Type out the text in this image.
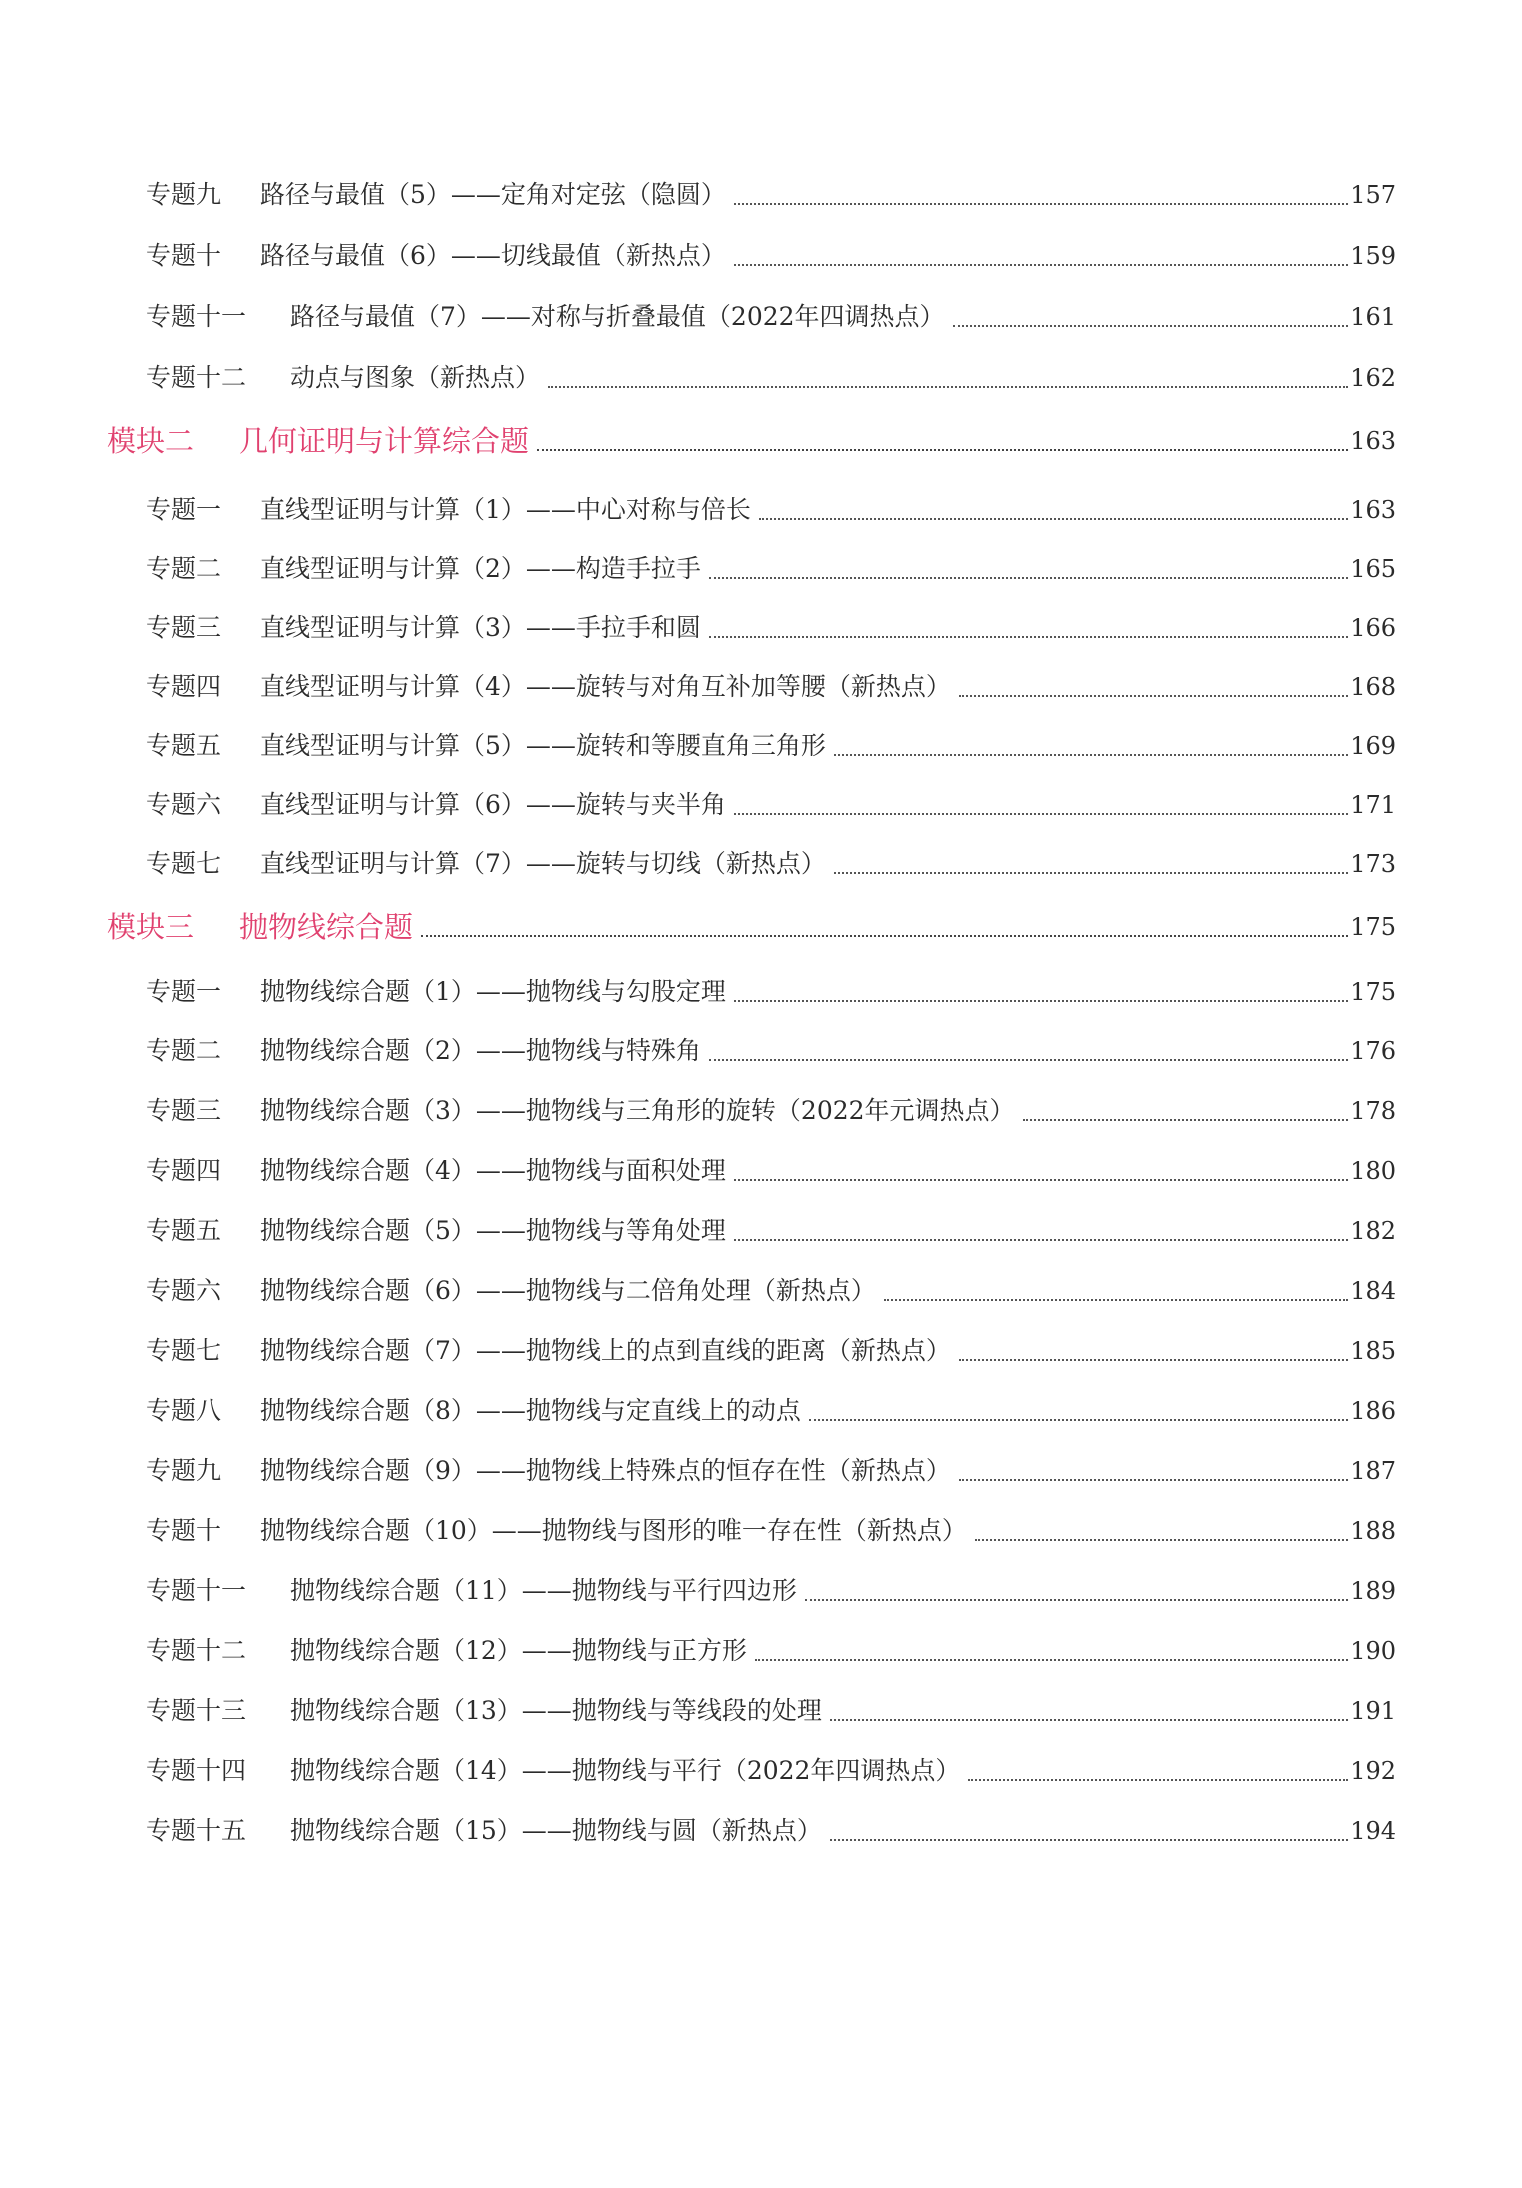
专题九	路径与最值（5）——定角对定弦（隐圆）	157
专题十	路径与最值（6）——切线最值（新热点）	159
专题十一	路径与最值（7）——对称与折叠最值（2022年四调热点）	161
专题十二	动点与图象（新热点）	162
模块二	几何证明与计算综合题	163
专题一	直线型证明与计算（1）——中心对称与倍长	163
专题二	直线型证明与计算（2）——构造手拉手	165
专题三	直线型证明与计算（3）——手拉手和圆	166
专题四	直线型证明与计算（4）——旋转与对角互补加等腰（新热点）	168
专题五	直线型证明与计算（5）——旋转和等腰直角三角形	169
专题六	直线型证明与计算（6）——旋转与夹半角	171
专题七	直线型证明与计算（7）——旋转与切线（新热点）	173
模块三	抛物线综合题	175
专题一	抛物线综合题（1）——抛物线与勾股定理	175
专题二	抛物线综合题（2）——抛物线与特殊角	176
专题三	抛物线综合题（3）——抛物线与三角形的旋转（2022年元调热点）	178
专题四	抛物线综合题（4）——抛物线与面积处理	180
专题五	抛物线综合题（5）——抛物线与等角处理	182
专题六	抛物线综合题（6）——抛物线与二倍角处理（新热点）	184
专题七	抛物线综合题（7）——抛物线上的点到直线的距离（新热点）	185
专题八	抛物线综合题（8）——抛物线与定直线上的动点	186
专题九	抛物线综合题（9）——抛物线上特殊点的恒存在性（新热点）	187
专题十	抛物线综合题（10）——抛物线与图形的唯一存在性（新热点）	188
专题十一	抛物线综合题（11）——抛物线与平行四边形	189
专题十二	抛物线综合题（12）——抛物线与正方形	190
专题十三	抛物线综合题（13）——抛物线与等线段的处理	191
专题十四	抛物线综合题（14）——抛物线与平行（2022年四调热点）	192
专题十五	抛物线综合题（15）——抛物线与圆（新热点）	194
